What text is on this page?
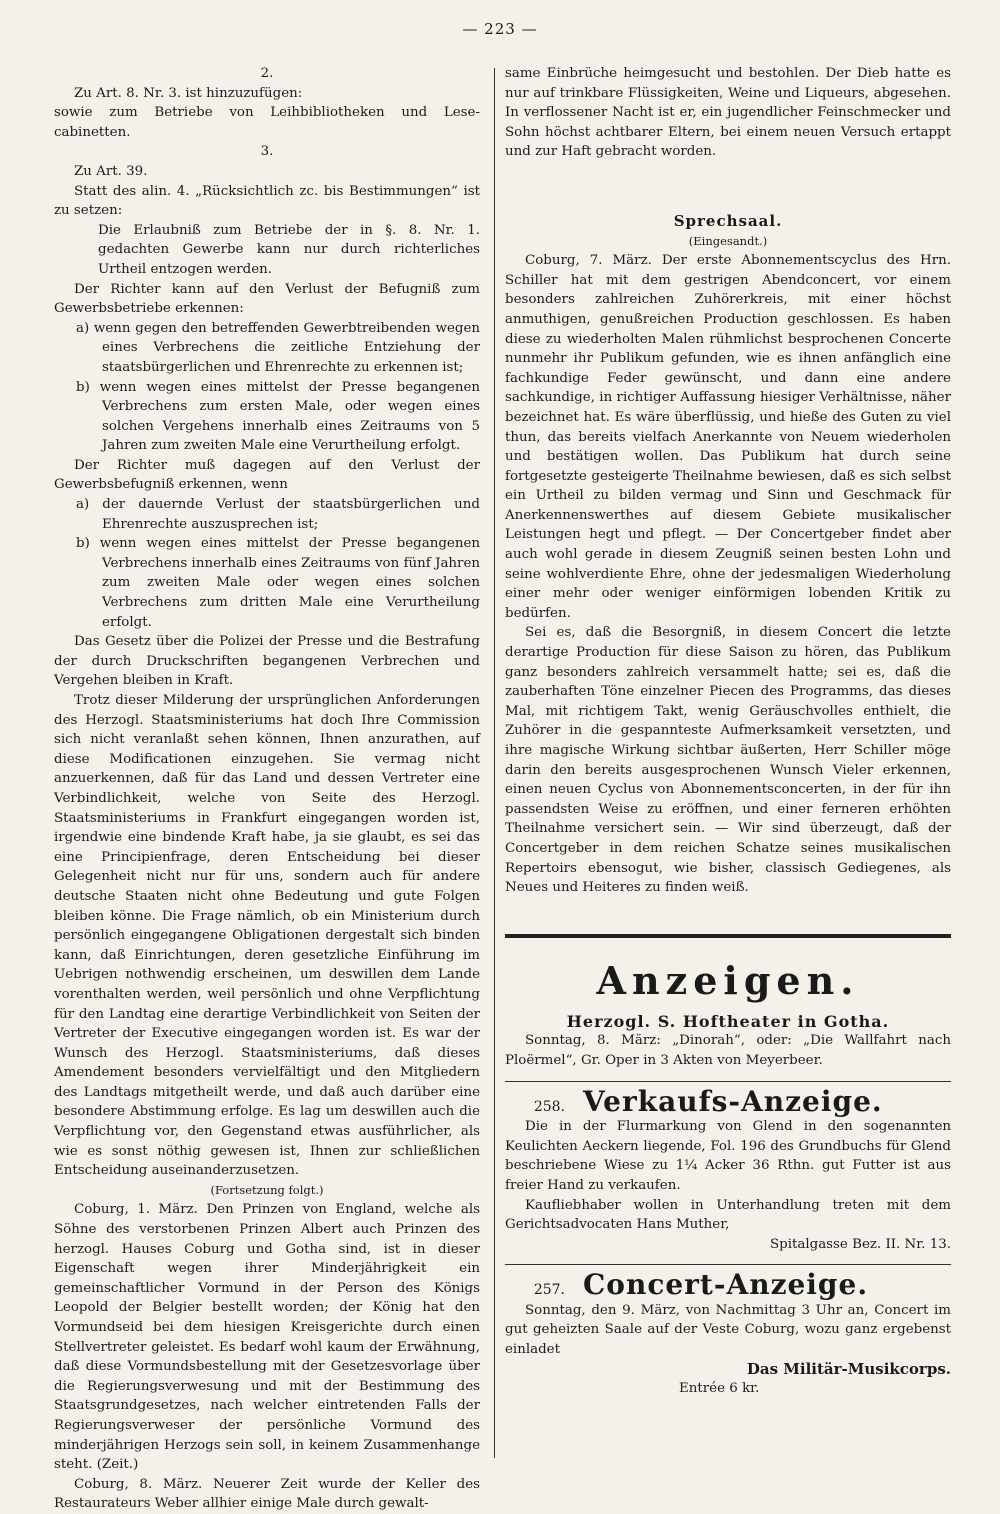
— 223 —

2.

Zu Art. 8. Nr. 3. ist hinzuzufügen:

sowie zum Betriebe von Leihbibliotheken und Lese-cabinetten.

3.

Zu Art. 39.

Statt des alin. 4. „Rücksichtlich zc. bis Bestimmungen“ ist zu setzen:

Die Erlaubniß zum Betriebe der in §. 8. Nr. 1. gedachten Gewerbe kann nur durch richterliches Urtheil entzogen werden.

Der Richter kann auf den Verlust der Befugniß zum Gewerbsbetriebe erkennen:

a) wenn gegen den betreffenden Gewerbtreibenden wegen eines Verbrechens die zeitliche Entziehung der staatsbürgerlichen und Ehrenrechte zu erkennen ist;

b) wenn wegen eines mittelst der Presse begangenen Verbrechens zum ersten Male, oder wegen eines solchen Vergehens innerhalb eines Zeitraums von 5 Jahren zum zweiten Male eine Verurtheilung erfolgt.

Der Richter muß dagegen auf den Verlust der Gewerbsbefugniß erkennen, wenn

a) der dauernde Verlust der staatsbürgerlichen und Ehrenrechte auszusprechen ist;

b) wenn wegen eines mittelst der Presse begangenen Verbrechens innerhalb eines Zeitraums von fünf Jahren zum zweiten Male oder wegen eines solchen Verbrechens zum dritten Male eine Verurtheilung erfolgt.

Das Gesetz über die Polizei der Presse und die Bestrafung der durch Druckschriften begangenen Verbrechen und Vergehen bleiben in Kraft.

Trotz dieser Milderung der ursprünglichen Anforderungen des Herzogl. Staatsministeriums hat doch Ihre Commission sich nicht veranlaßt sehen können, Ihnen anzurathen, auf diese Modificationen einzugehen. Sie vermag nicht anzuerkennen, daß für das Land und dessen Vertreter eine Verbindlichkeit, welche von Seite des Herzogl. Staatsministeriums in Frankfurt eingegangen worden ist, irgendwie eine bindende Kraft habe, ja sie glaubt, es sei das eine Principienfrage, deren Entscheidung bei dieser Gelegenheit nicht nur für uns, sondern auch für andere deutsche Staaten nicht ohne Bedeutung und gute Folgen bleiben könne. Die Frage nämlich, ob ein Ministerium durch persönlich eingegangene Obligationen dergestalt sich binden kann, daß Einrichtungen, deren gesetzliche Einführung im Uebrigen nothwendig erscheinen, um deswillen dem Lande vorenthalten werden, weil persönlich und ohne Verpflichtung für den Landtag eine derartige Verbindlichkeit von Seiten der Vertreter der Executive eingegangen worden ist. Es war der Wunsch des Herzogl. Staatsministeriums, daß dieses Amendement besonders vervielfältigt und den Mitgliedern des Landtags mitgetheilt werde, und daß auch darüber eine besondere Abstimmung erfolge. Es lag um deswillen auch die Verpflichtung vor, den Gegenstand etwas ausführlicher, als wie es sonst nöthig gewesen ist, Ihnen zur schließlichen Entscheidung auseinanderzusetzen.

(Fortsetzung folgt.)

Coburg, 1. März. Den Prinzen von England, welche als Söhne des verstorbenen Prinzen Albert auch Prinzen des herzogl. Hauses Coburg und Gotha sind, ist in dieser Eigenschaft wegen ihrer Minderjährigkeit ein gemeinschaftlicher Vormund in der Person des Königs Leopold der Belgier bestellt worden; der König hat den Vormundseid bei dem hiesigen Kreisgerichte durch einen Stellvertreter geleistet. Es bedarf wohl kaum der Erwähnung, daß diese Vormundsbestellung mit der Gesetzesvorlage über die Regierungsverwesung und mit der Bestimmung des Staatsgrundgesetzes, nach welcher eintretenden Falls der Regierungsverweser der persönliche Vormund des minderjährigen Herzogs sein soll, in keinem Zusammenhange steht. (Zeit.)

Coburg, 8. März. Neuerer Zeit wurde der Keller des Restaurateurs Weber allhier einige Male durch gewalt-

same Einbrüche heimgesucht und bestohlen. Der Dieb hatte es nur auf trinkbare Flüssigkeiten, Weine und Liqueurs, abgesehen. In verflossener Nacht ist er, ein jugendlicher Feinschmecker und Sohn höchst achtbarer Eltern, bei einem neuen Versuch ertappt und zur Haft gebracht worden.

Sprechsaal.

(Eingesandt.)

Coburg, 7. März. Der erste Abonnementscyclus des Hrn. Schiller hat mit dem gestrigen Abendconcert, vor einem besonders zahlreichen Zuhörerkreis, mit einer höchst anmuthigen, genußreichen Production geschlossen. Es haben diese zu wiederholten Malen rühmlichst besprochenen Concerte nunmehr ihr Publikum gefunden, wie es ihnen anfänglich eine fachkundige Feder gewünscht, und dann eine andere sachkundige, in richtiger Auffassung hiesiger Verhältnisse, näher bezeichnet hat. Es wäre überflüssig, und hieße des Guten zu viel thun, das bereits vielfach Anerkannte von Neuem wiederholen und bestätigen wollen. Das Publikum hat durch seine fortgesetzte gesteigerte Theilnahme bewiesen, daß es sich selbst ein Urtheil zu bilden vermag und Sinn und Geschmack für Anerkennenswerthes auf diesem Gebiete musikalischer Leistungen hegt und pflegt. — Der Concertgeber findet aber auch wohl gerade in diesem Zeugniß seinen besten Lohn und seine wohlverdiente Ehre, ohne der jedesmaligen Wiederholung einer mehr oder weniger einförmigen lobenden Kritik zu bedürfen.

Sei es, daß die Besorgniß, in diesem Concert die letzte derartige Production für diese Saison zu hören, das Publikum ganz besonders zahlreich versammelt hatte; sei es, daß die zauberhaften Töne einzelner Piecen des Programms, das dieses Mal, mit richtigem Takt, wenig Geräuschvolles enthielt, die Zuhörer in die gespannteste Aufmerksamkeit versetzten, und ihre magische Wirkung sichtbar äußerten, Herr Schiller möge darin den bereits ausgesprochenen Wunsch Vieler erkennen, einen neuen Cyclus von Abonnementsconcerten, in der für ihn passendsten Weise zu eröffnen, und einer ferneren erhöhten Theilnahme versichert sein. — Wir sind überzeugt, daß der Concertgeber in dem reichen Schatze seines musikalischen Repertoirs ebensogut, wie bisher, classisch Gediegenes, als Neues und Heiteres zu finden weiß.

Anzeigen.

Herzogl. S. Hoftheater in Gotha.

Sonntag, 8. März: „Dinorah“, oder: „Die Wallfahrt nach Ploërmel“, Gr. Oper in 3 Akten von Meyerbeer.

258. Verkaufs-Anzeige.

Die in der Flurmarkung von Glend in den sogenannten Keulichten Aeckern liegende, Fol. 196 des Grundbuchs für Glend beschriebene Wiese zu 1¼ Acker 36 Rthn. gut Futter ist aus freier Hand zu verkaufen.

Kaufliebhaber wollen in Unterhandlung treten mit dem Gerichtsadvocaten Hans Muther,

Spitalgasse Bez. II. Nr. 13.

257. Concert-Anzeige.

Sonntag, den 9. März, von Nachmittag 3 Uhr an, Concert im gut geheizten Saale auf der Veste Coburg, wozu ganz ergebenst einladet

Das Militär-Musikcorps.

Entrée 6 kr.
